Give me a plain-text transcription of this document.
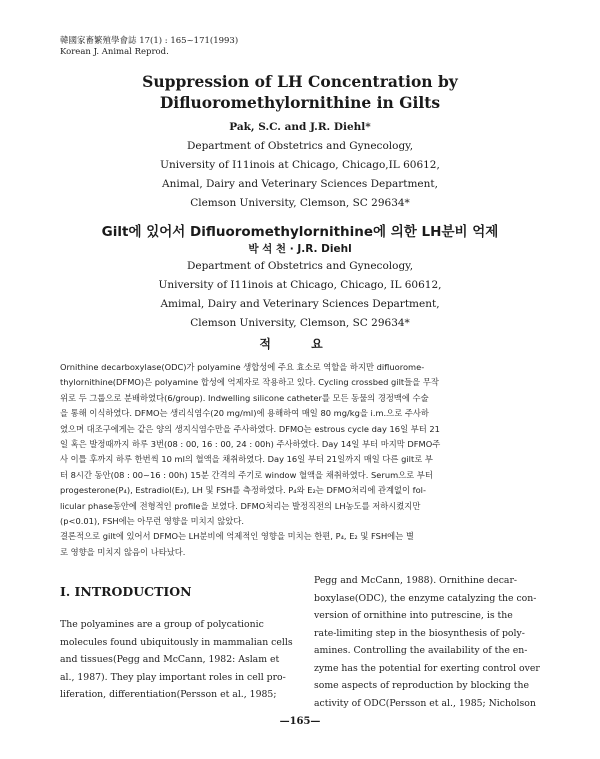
韓國家畜繁殖學會誌 17(1) : 165~171(1993)
Korean J. Animal Reprod.
Suppression of LH Concentration by
Difluoromethylornithine in Gilts
Pak, S.C. and J.R. Diehl*
Department of Obstetrics and Gynecology,
University of I11inois at Chicago, Chicago,IL 60612,
Animal, Dairy and Veterinary Sciences Department,
Clemson University, Clemson, SC 29634*
Gilt에 있어서 Difluoromethylornithine에 의한 LH분비 억제
박 석 천 · J.R. Diehl
Department of Obstetrics and Gynecology,
University of I11inois at Chicago, Chicago, IL 60612,
Amimal, Dairy and Veterinary Sciences Department,
Clemson University, Clemson, SC 29634*
적 요
Ornithine decarboxylase(ODC)가 polyamine 생합성에 주요 효소로 역할을 하지만 difluorome-
thylornithine(DFMO)은 polyamine 합성에 억제자로 작용하고 있다. Cycling crossbed gilt들을 무작
위로 두 그룹으로 분배하였다(6/group). Indwelling silicone catheter를 모든 동물의 경정맥에 수술
을 통해 이식하였다. DFMO는 생리식염수(20 mg/ml)에 용해하여 매일 80 mg/kg을 i.m.으로 주사하
였으며 대조구에게는 같은 양의 생지식염수만을 주사하였다. DFMO는 estrous cycle day 16일 부터 21
일 혹은 발정때까지 하루 3번(08 : 00, 16 : 00, 24 : 00h) 주사하였다. Day 14일 부터 마지막 DFMO주
사 이틀 후까지 하루 한번씩 10 ml의 혈액을 채취하였다. Day 16일 부터 21일까지 매일 다른 gilt로 부
터 8시간 동안(08 : 00~16 : 00h) 15분 간격의 주기로 window 혈액을 채취하였다. Serum으로 부터
progesterone(P₄), Estradiol(E₂), LH 및 FSH를 측정하였다. P₄와 E₂는 DFMO처리에 관계없이 fol-
licular phase동안에 전형적인 profile을 보였다. DFMO처리는 발정직전의 LH농도를 저하시켰지만
(p<0.01), FSH에는 아무런 영향을 미치지 않았다.
결론적으로 gilt에 있어서 DFMO는 LH분비에 억제적인 영향을 미치는 한편, P₄, E₂ 및 FSH에는 별
로 영향을 미치지 않음이 나타났다.
Ⅰ. INTRODUCTION
The polyamines are a group of polycationic
molecules found ubiquitously in mammalian cells
and tissues(Pegg and McCann, 1982: Aslam et
al., 1987). They play important roles in cell pro-
liferation, differentiation(Persson et al., 1985;
Pegg and McCann, 1988). Ornithine decar-
boxylase(ODC), the enzyme catalyzing the con-
version of ornithine into putrescine, is the
rate-limiting step in the biosynthesis of poly-
amines. Controlling the availability of the en-
zyme has the potential for exerting control over
some aspects of reproduction by blocking the
activity of ODC(Persson et al., 1985; Nicholson
—165—
